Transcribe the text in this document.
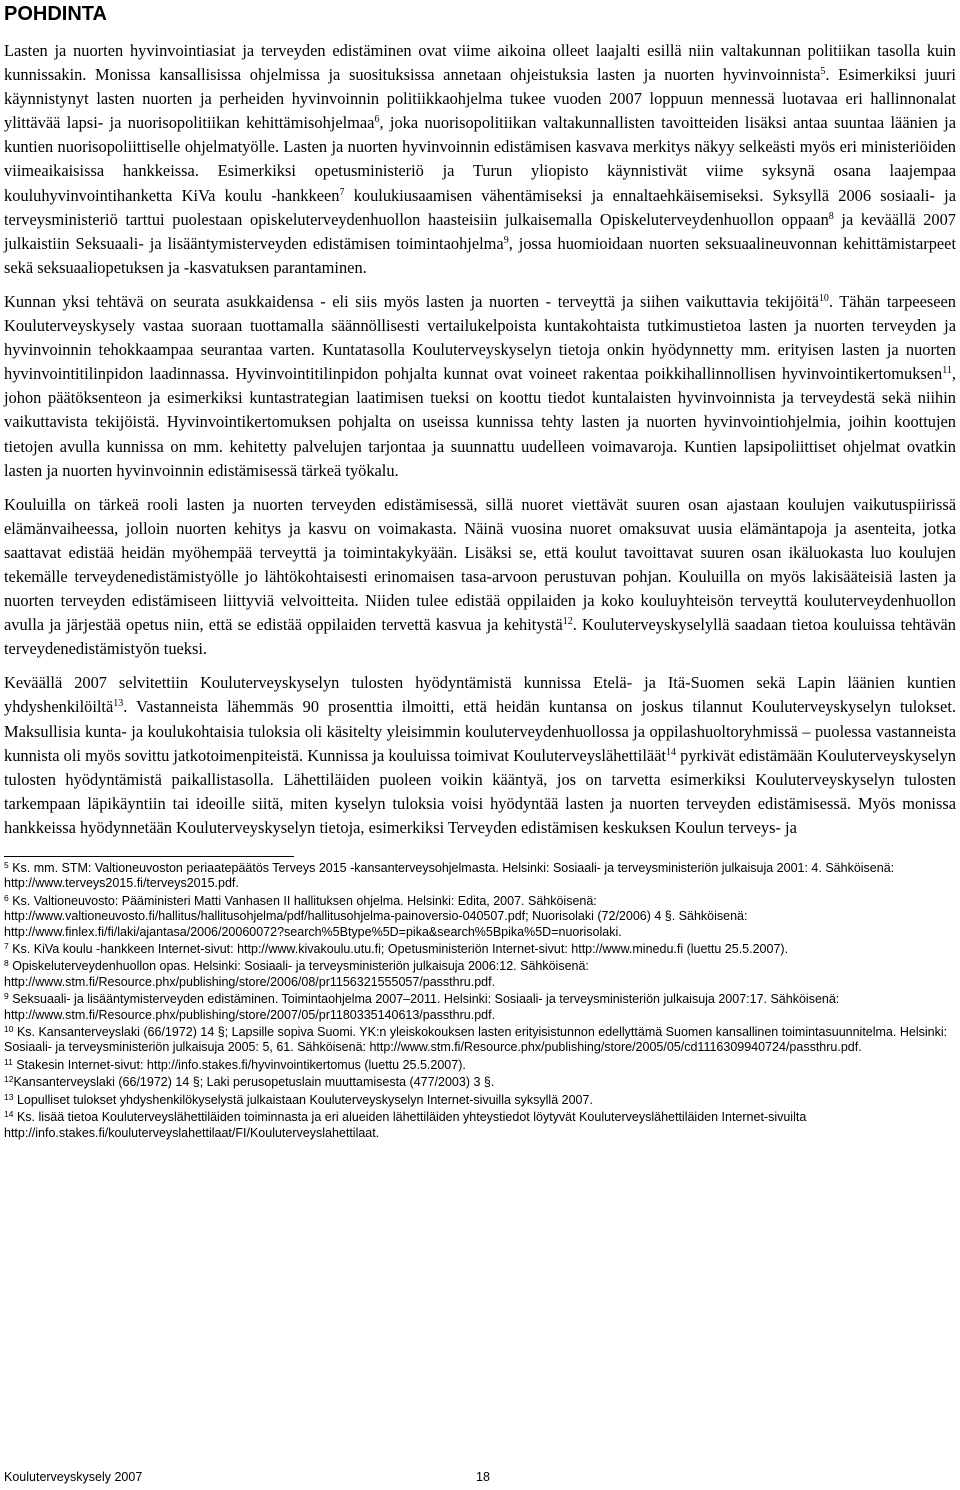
POHDINTA

Lasten ja nuorten hyvinvointiasiat ja terveyden edistäminen ovat viime aikoina olleet laajalti esillä niin valtakunnan politiikan tasolla kuin kunnissakin. Monissa kansallisissa ohjelmissa ja suosituksissa annetaan ohjeistuksia lasten ja nuorten hyvinvoinnista$^5$. Esimerkiksi juuri käynnistynyt lasten nuorten ja perheiden hyvinvoinnin politiikkaohjelma tukee vuoden 2007 loppuun mennessä luotavaa eri hallinnonalat ylittävää lapsi- ja nuorisopolitiikan kehittämisohjelmaa$^6$, joka nuorisopolitiikan valtakunnallisten tavoitteiden lisäksi antaa suuntaa läänien ja kuntien nuorisopoliittiselle ohjelmatyölle. Lasten ja nuorten hyvinvoinnin edistämisen kasvava merkitys näkyy selkeästi myös eri ministeriöiden viimeaikaisissa hankkeissa. Esimerkiksi opetusministeriö ja Turun yliopisto käynnistivät viime syksynä osana laajempaa kouluhyvinvointihanketta KiVa koulu -hankkeen$^7$ koulukiusaamisen vähentämiseksi ja ennaltaehkäisemiseksi. Syksyllä 2006 sosiaali- ja terveysministeriö tarttui puolestaan opiskeluterveydenhuollon haasteisiin julkaisemalla Opiskeluterveydenhuollon oppaan$^8$ ja keväällä 2007 julkaistiin Seksuaali- ja lisääntymisterveyden edistämisen toimintaohjelma$^9$, jossa huomioidaan nuorten seksuaalineuvonnan kehittämistarpeet sekä seksuaaliopetuksen ja -kasvatuksen parantaminen.

Kunnan yksi tehtävä on seurata asukkaidensa - eli siis myös lasten ja nuorten - terveyttä ja siihen vaikuttavia tekijöitä$^{10}$. Tähän tarpeeseen Kouluterveyskysely vastaa suoraan tuottamalla säännöllisesti vertailukelpoista kuntakohtaista tutkimustietoa lasten ja nuorten terveyden ja hyvinvoinnin tehokkaampaa seurantaa varten. Kuntatasolla Kouluterveyskyselyn tietoja onkin hyödynnetty mm. erityisen lasten ja nuorten hyvinvointitilinpidon laadinnassa. Hyvinvointitilinpidon pohjalta kunnat ovat voineet rakentaa poikkihallinnollisen hyvinvointikertomuksen$^{11}$, johon päätöksenteon ja esimerkiksi kuntastrategian laatimisen tueksi on koottu tiedot kuntalaisten hyvinvoinnista ja terveydestä sekä niihin vaikuttavista tekijöistä. Hyvinvointikertomuksen pohjalta on useissa kunnissa tehty lasten ja nuorten hyvinvointiohjelmia, joihin koottujen tietojen avulla kunnissa on mm. kehitetty palvelujen tarjontaa ja suunnattu uudelleen voimavaroja. Kuntien lapsipoliittiset ohjelmat ovatkin lasten ja nuorten hyvinvoinnin edistämisessä tärkeä työkalu.

Kouluilla on tärkeä rooli lasten ja nuorten terveyden edistämisessä, sillä nuoret viettävät suuren osan ajastaan koulujen vaikutuspiirissä elämänvaiheessa, jolloin nuorten kehitys ja kasvu on voimakasta. Näinä vuosina nuoret omaksuvat uusia elämäntapoja ja asenteita, jotka saattavat edistää heidän myöhempää terveyttä ja toimintakykyään. Lisäksi se, että koulut tavoittavat suuren osan ikäluokasta luo koulujen tekemälle terveydenedistämistyölle jo lähtökohtaisesti erinomaisen tasa-arvoon perustuvan pohjan. Kouluilla on myös lakisääteisiä lasten ja nuorten terveyden edistämiseen liittyviä velvoitteita. Niiden tulee edistää oppilaiden ja koko kouluyhteisön terveyttä kouluterveydenhuollon avulla ja järjestää opetus niin, että se edistää oppilaiden tervettä kasvua ja kehitystä$^{12}$. Kouluterveyskyselyllä saadaan tietoa kouluissa tehtävän terveydenedistämistyön tueksi.

Keväällä 2007 selvitettiin Kouluterveyskyselyn tulosten hyödyntämistä kunnissa Etelä- ja Itä-Suomen sekä Lapin läänien kuntien yhdyshenkilöiltä$^{13}$. Vastanneista lähemmäs 90 prosenttia ilmoitti, että heidän kuntansa on joskus tilannut Kouluterveyskyselyn tulokset. Maksullisia kunta- ja koulukohtaisia tuloksia oli käsitelty yleisimmin kouluterveydenhuollossa ja oppilashuoltoryhmissä – puolessa vastanneista kunnista oli myös sovittu jatkotoimenpiteistä. Kunnissa ja kouluissa toimivat Kouluterveyslähettiläät$^{14}$ pyrkivät edistämään Kouluterveyskyselyn tulosten hyödyntämistä paikallistasolla. Lähettiläiden puoleen voikin kääntyä, jos on tarvetta esimerkiksi Kouluterveyskyselyn tulosten tarkempaan läpikäyntiin tai ideoille siitä, miten kyselyn tuloksia voisi hyödyntää lasten ja nuorten terveyden edistämisessä. Myös monissa hankkeissa hyödynnetään Kouluterveyskyselyn tietoja, esimerkiksi Terveyden edistämisen keskuksen Koulun terveys- ja

$^5$ Ks. mm. STM: Valtioneuvoston periaatepäätös Terveys 2015 -kansanterveysohjelmasta. Helsinki: Sosiaali- ja terveysministeriön julkaisuja 2001: 4. Sähköisenä: http://www.terveys2015.fi/terveys2015.pdf.
$^6$ Ks. Valtioneuvosto: Pääministeri Matti Vanhasen II hallituksen ohjelma. Helsinki: Edita, 2007. Sähköisenä: http://www.valtioneuvosto.fi/hallitus/hallitusohjelma/pdf/hallitusohjelma-painoversio-040507.pdf; Nuorisolaki (72/2006) 4 §. Sähköisenä: http://www.finlex.fi/fi/laki/ajantasa/2006/20060072?search%5Btype%5D=pika&search%5Bpika%5D=nuorisolaki.
$^7$ Ks. KiVa koulu -hankkeen Internet-sivut: http://www.kivakoulu.utu.fi; Opetusministeriön Internet-sivut: http://www.minedu.fi (luettu 25.5.2007).
$^8$ Opiskeluterveydenhuollon opas. Helsinki: Sosiaali- ja terveysministeriön julkaisuja 2006:12. Sähköisenä: http://www.stm.fi/Resource.phx/publishing/store/2006/08/pr1156321555057/passthru.pdf.
$^9$ Seksuaali- ja lisääntymisterveyden edistäminen. Toimintaohjelma 2007–2011. Helsinki: Sosiaali- ja terveysministeriön julkaisuja 2007:17. Sähköisenä: http://www.stm.fi/Resource.phx/publishing/store/2007/05/pr1180335140613/passthru.pdf.
$^{10}$ Ks. Kansanterveyslaki (66/1972) 14 §; Lapsille sopiva Suomi. YK:n yleiskokouksen lasten erityisistunnon edellyttämä Suomen kansallinen toimintasuunnitelma. Helsinki: Sosiaali- ja terveysministeriön julkaisuja 2005: 5, 61. Sähköisenä: http://www.stm.fi/Resource.phx/publishing/store/2005/05/cd1116309940724/passthru.pdf.
$^{11}$ Stakesin Internet-sivut: http://info.stakes.fi/hyvinvointikertomus (luettu 25.5.2007).
$^{12}$Kansanterveyslaki (66/1972) 14 §; Laki perusopetuslain muuttamisesta (477/2003) 3 §.
$^{13}$ Lopulliset tulokset yhdyshenkilökyselystä julkaistaan Kouluterveyskyselyn Internet-sivuilla syksyllä 2007.
$^{14}$ Ks. lisää tietoa Kouluterveyslähettiläiden toiminnasta ja eri alueiden lähettiläiden yhteystiedot löytyvät Kouluterveyslähettiläiden Internet-sivuilta http://info.stakes.fi/kouluterveyslahettilaat/FI/Kouluterveyslahettilaat.
Kouluterveyskysely 2007	18
